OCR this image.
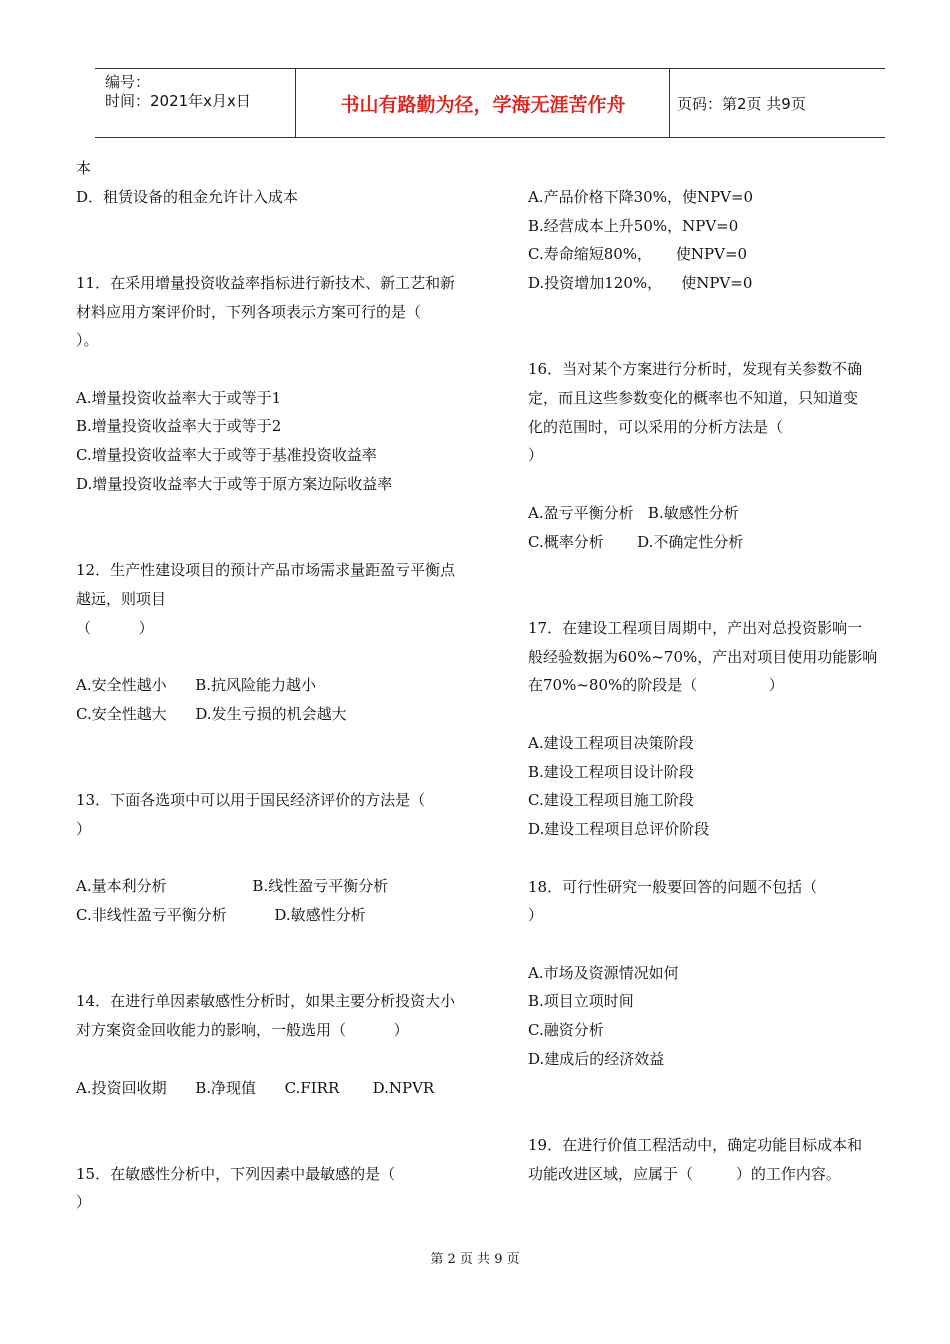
编号：
时间：2021年x月x日	书山有路勤为径，学海无涯苦作舟	页码：第2页 共9页
本
D．租赁设备的租金允许计入成本
11．在采用增量投资收益率指标进行新技术、新工艺和新
材料应用方案评价时，下列各项表示方案可行的是（
）。
A.增量投资收益率大于或等于1
B.增量投资收益率大于或等于2
C.增量投资收益率大于或等于基准投资收益率
D.增量投资收益率大于或等于原方案边际收益率
12．生产性建设项目的预计产品市场需求量距盈亏平衡点
越远，则项目
（          ）
A.安全性越小      B.抗风险能力越小
C.安全性越大      D.发生亏损的机会越大
13．下面各选项中可以用于国民经济评价的方法是（
）
A.量本利分析                  B.线性盈亏平衡分析
C.非线性盈亏平衡分析          D.敏感性分析
14．在进行单因素敏感性分析时，如果主要分析投资大小
对方案资金回收能力的影响，一般选用（          ）
A.投资回收期      B.净现值      C.FIRR       D.NPVR
15．在敏感性分析中，下列因素中最敏感的是（
）
A.产品价格下降30%，使NPV=0
B.经营成本上升50%，NPV=0
C.寿命缩短80%，     使NPV=0
D.投资增加120%，    使NPV=0
16．当对某个方案进行分析时，发现有关参数不确
定，而且这些参数变化的概率也不知道，只知道变
化的范围时，可以采用的分析方法是（
）
A.盈亏平衡分析   B.敏感性分析
C.概率分析       D.不确定性分析
17．在建设工程项目周期中，产出对总投资影响一
般经验数据为60%~70%，产出对项目使用功能影响
在70%~80%的阶段是（               ）
A.建设工程项目决策阶段
B.建设工程项目设计阶段
C.建设工程项目施工阶段
D.建设工程项目总评价阶段
18．可行性研究一般要回答的问题不包括（
）
A.市场及资源情况如何
B.项目立项时间
C.融资分析
D.建成后的经济效益
19．在进行价值工程活动中，确定功能目标成本和
功能改进区域，应属于（         ）的工作内容。
第 2 页 共 9 页
